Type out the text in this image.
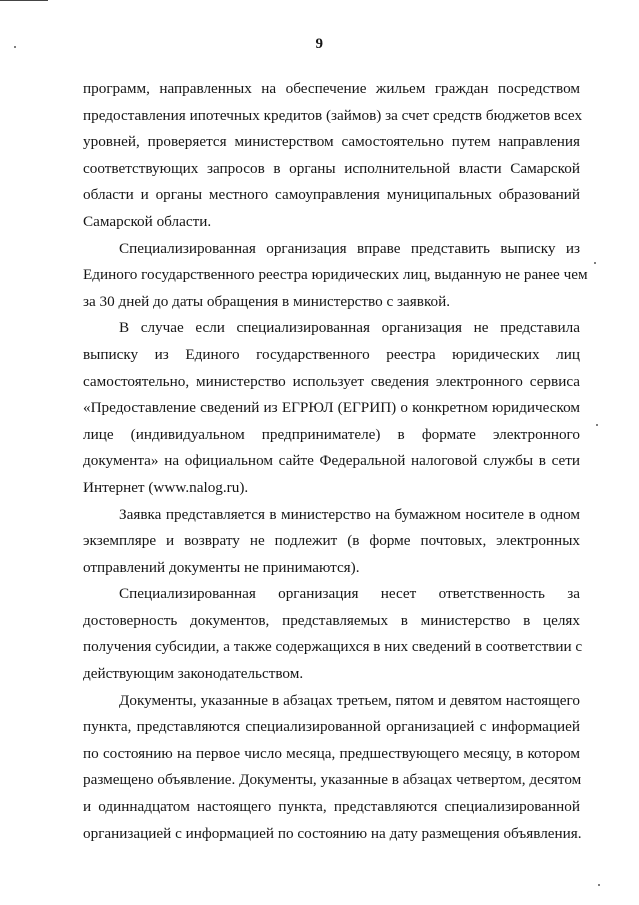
9

программ, направленных на обеспечение жильем граждан посредством
предоставления ипотечных кредитов (займов) за счет средств бюджетов всех
уровней, проверяется министерством самостоятельно путем направления
соответствующих запросов в органы исполнительной власти Самарской
области и органы местного самоуправления муниципальных образований
Самарской области.

Специализированная организация вправе представить выписку из
Единого государственного реестра юридических лиц, выданную не ранее чем
за 30 дней до даты обращения в министерство с заявкой.

В случае если специализированная организация не представила
выписку из Единого государственного реестра юридических лиц
самостоятельно, министерство использует сведения электронного сервиса
«Предоставление сведений из ЕГРЮЛ (ЕГРИП) о конкретном юридическом
лице (индивидуальном предпринимателе) в формате электронного
документа» на официальном сайте Федеральной налоговой службы в сети
Интернет (www.nalog.ru).

Заявка представляется в министерство на бумажном носителе в одном
экземпляре и возврату не подлежит (в форме почтовых, электронных
отправлений документы не принимаются).

Специализированная организация несет ответственность за
достоверность документов, представляемых в министерство в целях
получения субсидии, а также содержащихся в них сведений в соответствии с
действующим законодательством.

Документы, указанные в абзацах третьем, пятом и девятом настоящего
пункта, представляются специализированной организацией с информацией
по состоянию на первое число месяца, предшествующего месяцу, в котором
размещено объявление. Документы, указанные в абзацах четвертом, десятом
и одиннадцатом настоящего пункта, представляются специализированной
организацией с информацией по состоянию на дату размещения объявления.
